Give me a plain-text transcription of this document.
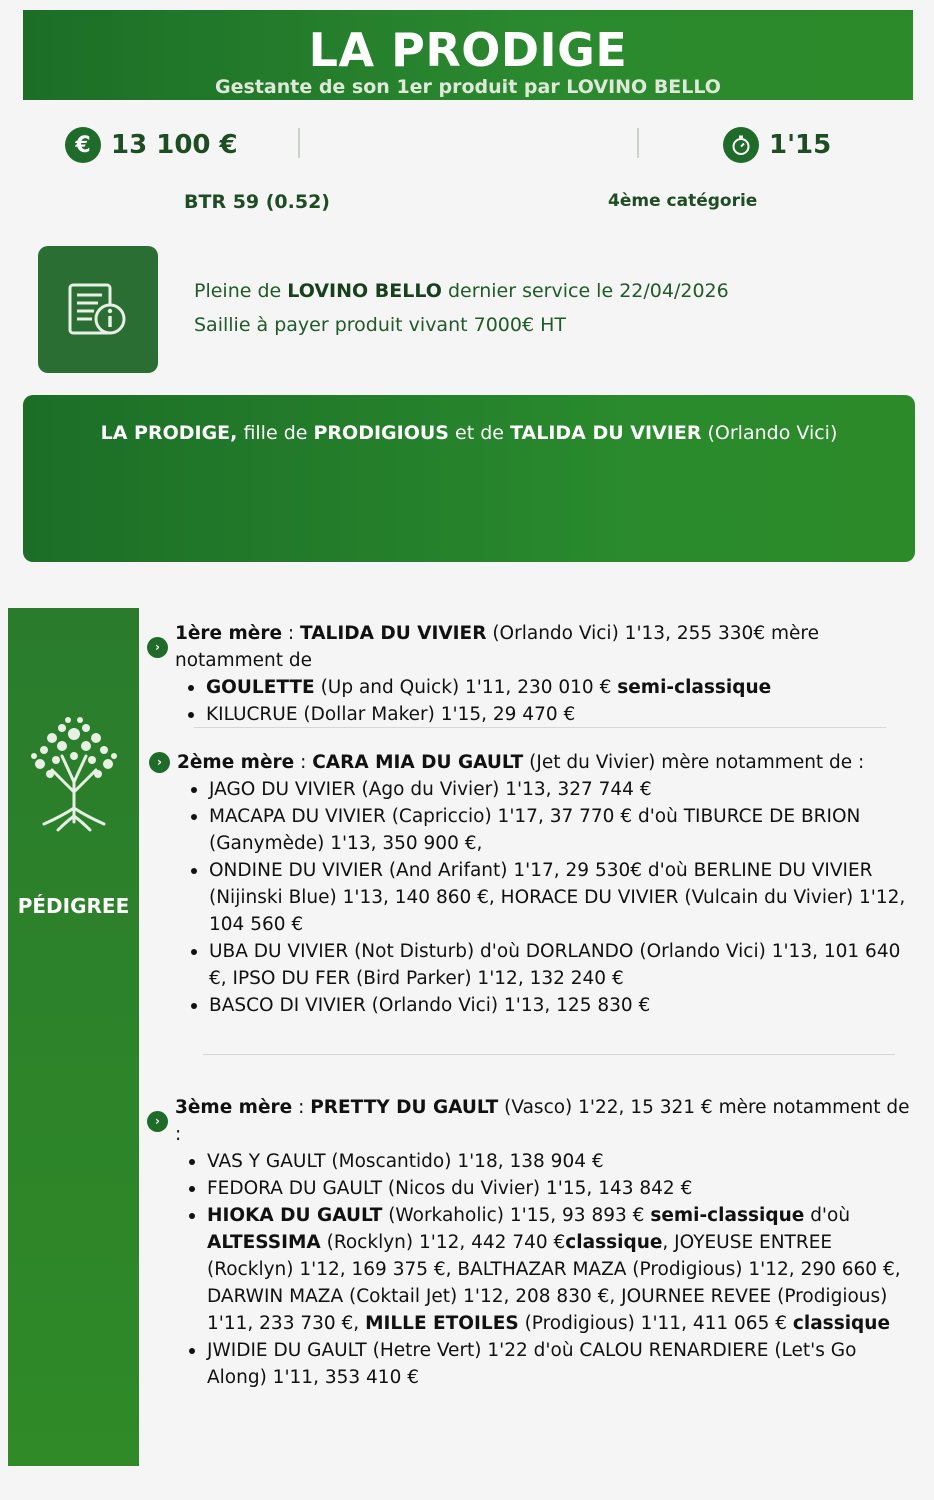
LA PRODIGE
Gestante de son 1er produit par LOVINO BELLO
€ 13 100 €	1'15
BTR 59 (0.52)	4ème catégorie
Pleine de LOVINO BELLO dernier service le 22/04/2026
Saillie à payer produit vivant 7000€ HT
LA PRODIGE, fille de PRODIGIOUS et de TALIDA DU VIVIER (Orlando Vici)
PÉDIGREE
›
1ère mère : TALIDA DU VIVIER (Orlando Vici) 1'13, 255 330€ mère notamment de
GOULETTE (Up and Quick) 1'11, 230 010 € semi-classique
KILUCRUE (Dollar Maker) 1'15, 29 470 €
› 2ème mère : CARA MIA DU GAULT (Jet du Vivier) mère notamment de :
JAGO DU VIVIER (Ago du Vivier) 1'13, 327 744 €
MACAPA DU VIVIER (Capriccio) 1'17, 37 770 € d'où TIBURCE DE BRION (Ganymède) 1'13, 350 900 €,
ONDINE DU VIVIER (And Arifant) 1'17, 29 530€ d'où BERLINE DU VIVIER (Nijinski Blue) 1'13, 140 860 €, HORACE DU VIVIER (Vulcain du Vivier) 1'12, 104 560 €
UBA DU VIVIER (Not Disturb) d'où DORLANDO (Orlando Vici) 1'13, 101 640 €, IPSO DU FER (Bird Parker) 1'12, 132 240 €
BASCO DI VIVIER (Orlando Vici) 1'13, 125 830 €
›
3ème mère : PRETTY DU GAULT (Vasco) 1'22, 15 321 € mère notamment de :
VAS Y GAULT (Moscantido) 1'18, 138 904 €
FEDORA DU GAULT (Nicos du Vivier) 1'15, 143 842 €
HIOKA DU GAULT (Workaholic) 1'15, 93 893 € semi-classique d'où ALTESSIMA (Rocklyn) 1'12, 442 740 €classique, JOYEUSE ENTREE (Rocklyn) 1'12, 169 375 €, BALTHAZAR MAZA (Prodigious) 1'12, 290 660 €, DARWIN MAZA (Coktail Jet) 1'12, 208 830 €, JOURNEE REVEE (Prodigious) 1'11, 233 730 €, MILLE ETOILES (Prodigious) 1'11, 411 065 € classique
JWIDIE DU GAULT (Hetre Vert) 1'22 d'où CALOU RENARDIERE (Let's Go Along) 1'11, 353 410 €
